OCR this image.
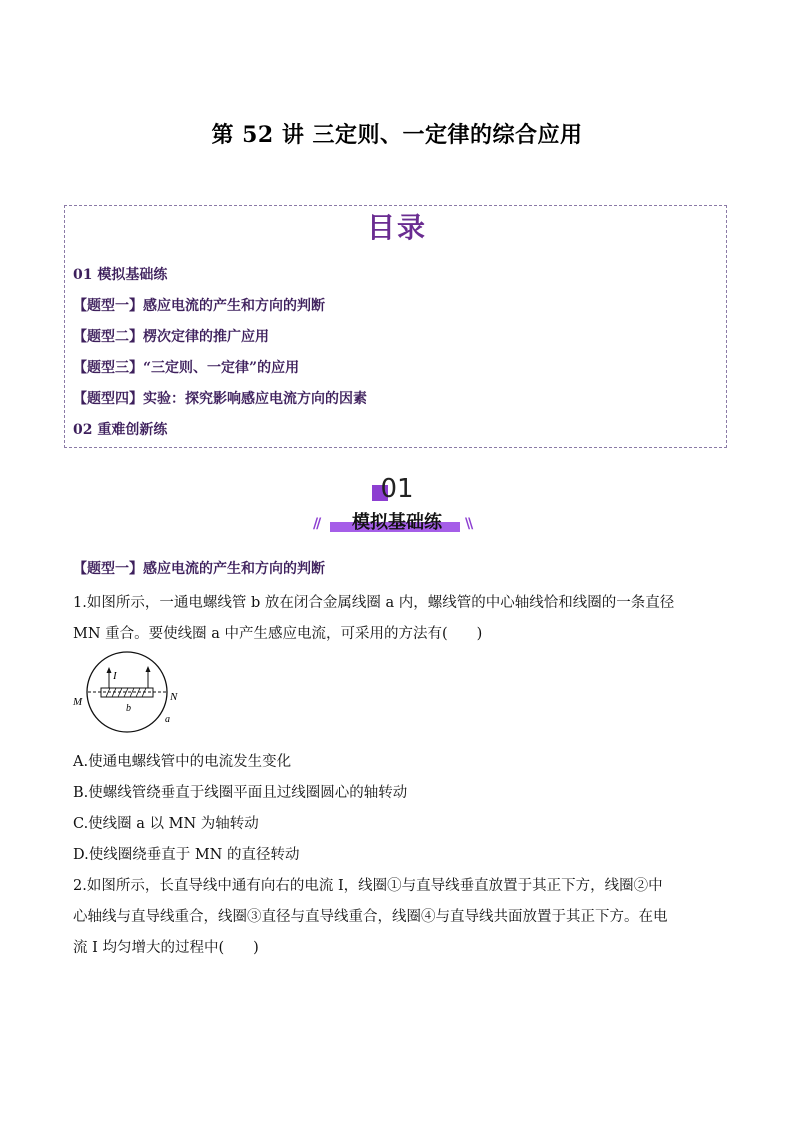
第 52 讲 三定则、一定律的综合应用
目录
01 模拟基础练
【题型一】感应电流的产生和方向的判断
【题型二】楞次定律的推广应用
【题型三】“三定则、一定律”的应用
【题型四】实验：探究影响感应电流方向的因素
02 重难创新练
01
模拟基础练
//	\\
【题型一】感应电流的产生和方向的判断
1.如图所示，一通电螺线管 b 放在闭合金属线圈 a 内，螺线管的中心轴线恰和线圈的一条直径
MN 重合。要使线圈 a 中产生感应电流，可采用的方法有(　　)
I
M	N
b
a
A.使通电螺线管中的电流发生变化
B.使螺线管绕垂直于线圈平面且过线圈圆心的轴转动
C.使线圈 a 以 MN 为轴转动
D.使线圈绕垂直于 MN 的直径转动
2.如图所示，长直导线中通有向右的电流 I，线圈①与直导线垂直放置于其正下方，线圈②中
心轴线与直导线重合，线圈③直径与直导线重合，线圈④与直导线共面放置于其正下方。在电
流 I 均匀增大的过程中(　　)
